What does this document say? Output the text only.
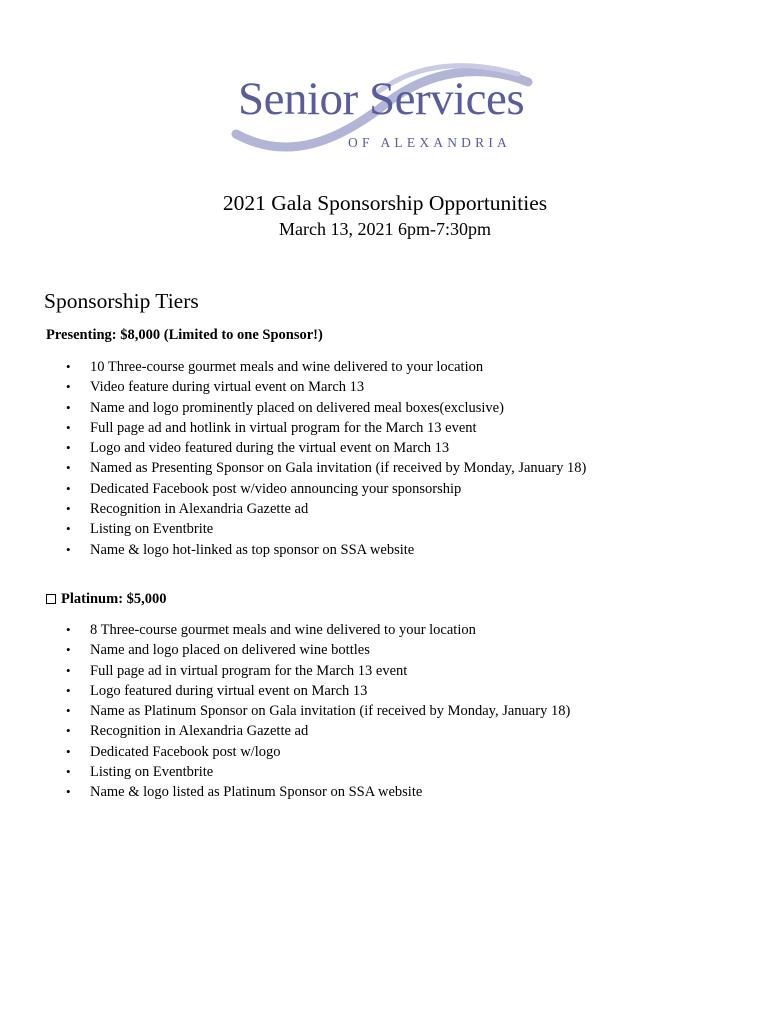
Senior Services
OF ALEXANDRIA
2021 Gala Sponsorship Opportunities
March 13, 2021 6pm-7:30pm
Sponsorship Tiers
Presenting: $8,000 (Limited to one Sponsor!)
• 10 Three-course gourmet meals and wine delivered to your location
• Video feature during virtual event on March 13
• Name and logo prominently placed on delivered meal boxes(exclusive)
• Full page ad and hotlink in virtual program for the March 13 event
• Logo and video featured during the virtual event on March 13
• Named as Presenting Sponsor on Gala invitation (if received by Monday, January 18)
• Dedicated Facebook post w/video announcing your sponsorship
• Recognition in Alexandria Gazette ad
• Listing on Eventbrite
• Name & logo hot-linked as top sponsor on SSA website
Platinum: $5,000
• 8 Three-course gourmet meals and wine delivered to your location
• Name and logo placed on delivered wine bottles
• Full page ad in virtual program for the March 13 event
• Logo featured during virtual event on March 13
• Name as Platinum Sponsor on Gala invitation (if received by Monday, January 18)
• Recognition in Alexandria Gazette ad
• Dedicated Facebook post w/logo
• Listing on Eventbrite
• Name & logo listed as Platinum Sponsor on SSA website
